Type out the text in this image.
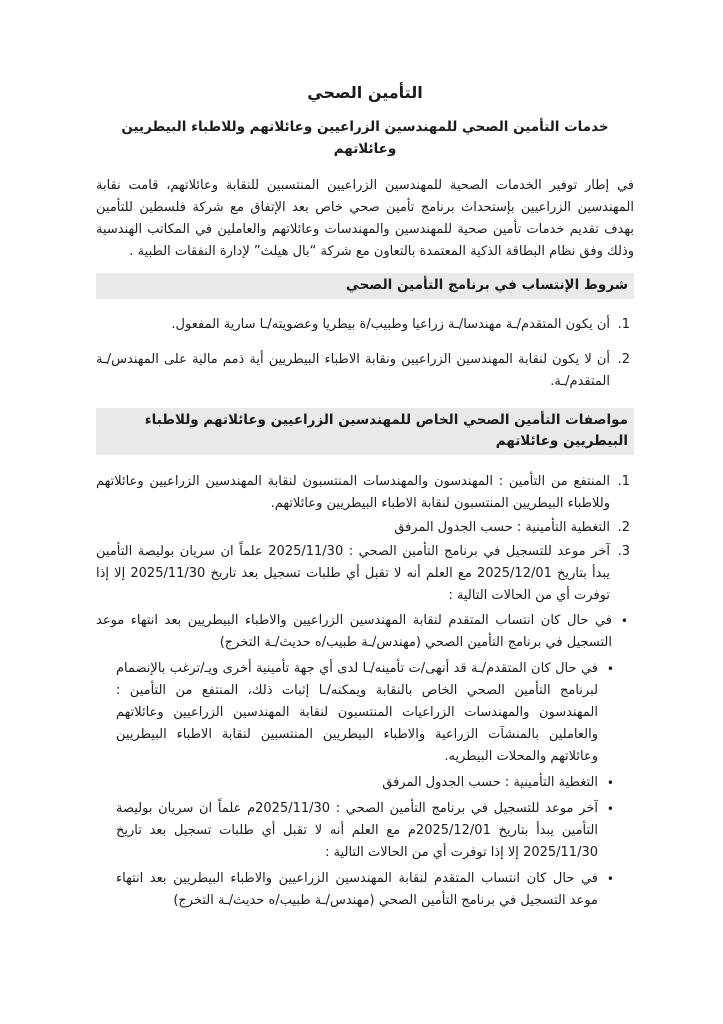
التأمين الصحي
خدمات التأمين الصحي للمهندسين الزراعيين وعائلاتهم وللاطباء البيطريين وعائلاتهم

في إطار توفير الخدمات الصحية للمهندسين الزراعيين المنتسبين للنقابة وعائلاتهم، قامت نقابة المهندسين الزراعيين بإستحداث برنامج تأمين صحي خاص بعد الإتفاق مع شركة فلسطين للتأمين بهدف تقديم خدمات تأمين صحية للمهندسين والمهندسات وعائلاتهم والعاملين في المكاتب الهندسية وذلك وفق نظام البطاقة الذكية المعتمدة بالتعاون مع شركة “بال هيلث” لإدارة النفقات الطبية .

شروط الإنتساب في برنامج التأمين الصحي
1.
أن يكون المتقدم/ـة مهندسا/ـة زراعيا وطبيب/ة بيطريا وعضويته/ـا سارية المفعول.
2.
أن لا يكون لنقابة المهندسين الزراعيين ونقابة الاطباء البيطريين أية ذمم مالية على المهندس/ـة المتقدم/ـة.
مواصفات التأمين الصحي الخاص للمهندسين الزراعيين وعائلاتهم وللاطباء البيطريين وعائلاتهم
1.
المنتفع من التأمين : المهندسون والمهندسات المنتسبون لنقابة المهندسين الزراعيين وعائلاتهم وللاطباء البيطريين المنتسبون لنقابة الاطباء البيطريين وعائلاتهم.
2.
التغطية التأمينية : حسب الجدول المرفق
3.
آخر موعد للتسجيل في برنامج التأمين الصحي : 2025/11/30 علماً ان سريان بوليصة التأمين يبدأ بتاريخ 2025/12/01 مع العلم أنه لا تقبل أي طلبات تسجيل بعد تاريخ 2025/11/30 إلا إذا توفرت أي من الحالات التالية :
•
في حال كان انتساب المتقدم لنقابة المهندسين الزراعيين والاطباء البيطريين بعد انتهاء موعد التسجيل في برنامج التأمين الصحي (مهندس/ـة طبيب/ه حديث/ـة التخرج)
•
في حال كان المتقدم/ـة قد أنهى/ت تأمينه/ـا لدى أي جهة تأمينية أخرى ويـ/ترغب بالإنضمام لبرنامج التأمين الصحي الخاص بالنقابة ويمكنه/ـا إثبات ذلك، المنتفع من التأمين : المهندسون والمهندسات الزراعيات المنتسبون لنقابة المهندسين الزراعيين وعائلاتهم والعاملين بالمنشآت الزراعية والاطباء البيطريين المنتسبين لنقابة الاطباء البيطريين وعائلاتهم والمحلات البيطريه.
•
التغطية التأمينية : حسب الجدول المرفق
•
آخر موعد للتسجيل في برنامج التأمين الصحي : 2025/11/30م علماً ان سريان بوليصة التأمين يبدأ بتاريخ 2025/12/01م مع العلم أنه لا تقبل أي طلبات تسجيل بعد تاريخ 2025/11/30 إلا إذا توفرت أي من الحالات التالية :
•
في حال كان انتساب المتقدم لنقابة المهندسين الزراعيين والاطباء البيطريين بعد انتهاء موعد التسجيل في برنامج التأمين الصحي (مهندس/ـة طبيب/ه حديث/ـة التخرج)
